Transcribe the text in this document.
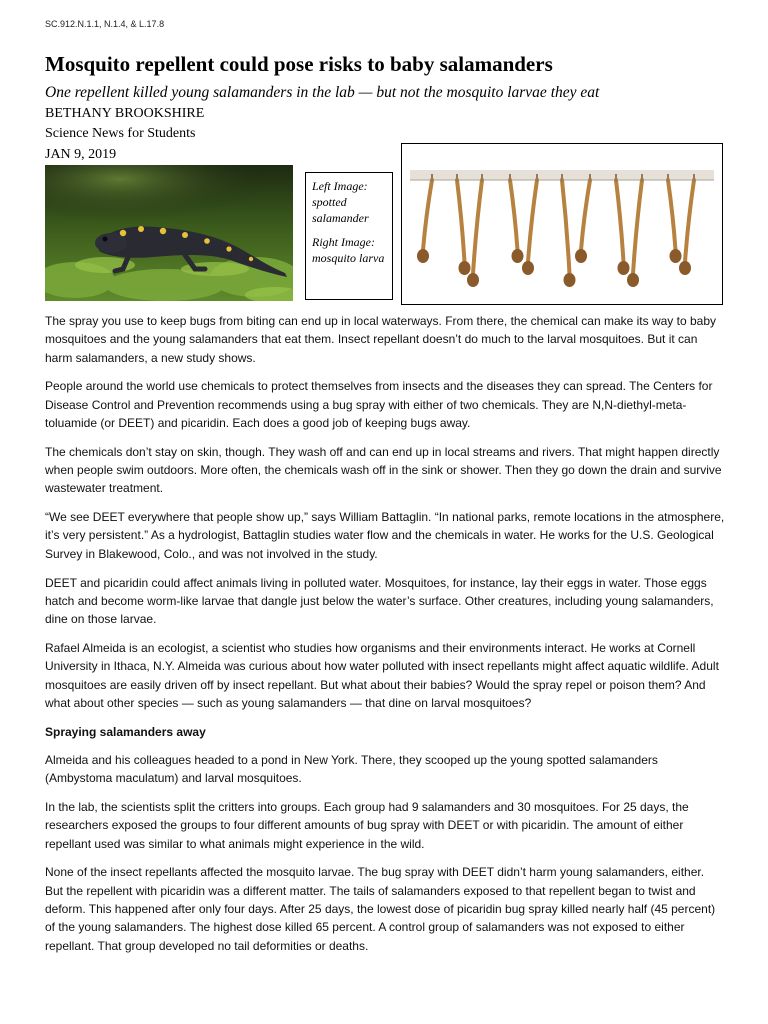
SC.912.N.1.1, N.1.4, & L.17.8
Mosquito repellent could pose risks to baby salamanders
One repellent killed young salamanders in the lab — but not the mosquito larvae they eat
BETHANY BROOKSHIRE
Science News for Students
JAN 9, 2019

Left Image: spotted salamander

Right Image: mosquito larva

The spray you use to keep bugs from biting can end up in local waterways. From there, the chemical can make its way to baby mosquitoes and the young salamanders that eat them. Insect repellant doesn’t do much to the larval mosquitoes. But it can harm salamanders, a new study shows.

People around the world use chemicals to protect themselves from insects and the diseases they can spread. The Centers for Disease Control and Prevention recommends using a bug spray with either of two chemicals. They are N,N-diethyl-meta-toluamide (or DEET) and picaridin. Each does a good job of keeping bugs away.

The chemicals don’t stay on skin, though. They wash off and can end up in local streams and rivers. That might happen directly when people swim outdoors. More often, the chemicals wash off in the sink or shower. Then they go down the drain and survive wastewater treatment.

“We see DEET everywhere that people show up,” says William Battaglin. “In national parks, remote locations in the atmosphere, it’s very persistent.” As a hydrologist, Battaglin studies water flow and the chemicals in water. He works for the U.S. Geological Survey in Blakewood, Colo., and was not involved in the study.

DEET and picaridin could affect animals living in polluted water. Mosquitoes, for instance, lay their eggs in water. Those eggs hatch and become worm-like larvae that dangle just below the water’s surface. Other creatures, including young salamanders, dine on those larvae.

Rafael Almeida is an ecologist, a scientist who studies how organisms and their environments interact. He works at Cornell University in Ithaca, N.Y. Almeida was curious about how water polluted with insect repellants might affect aquatic wildlife. Adult mosquitoes are easily driven off by insect repellant. But what about their babies? Would the spray repel or poison them? And what about other species — such as young salamanders — that dine on larval mosquitoes?

Spraying salamanders away

Almeida and his colleagues headed to a pond in New York. There, they scooped up the young spotted salamanders (Ambystoma maculatum) and larval mosquitoes.

In the lab, the scientists split the critters into groups. Each group had 9 salamanders and 30 mosquitoes. For 25 days, the researchers exposed the groups to four different amounts of bug spray with DEET or with picaridin. The amount of either repellant used was similar to what animals might experience in the wild.

None of the insect repellants affected the mosquito larvae. The bug spray with DEET didn’t harm young salamanders, either. But the repellent with picaridin was a different matter. The tails of salamanders exposed to that repellent began to twist and deform. This happened after only four days. After 25 days, the lowest dose of picaridin bug spray killed nearly half (45 percent) of the young salamanders. The highest dose killed 65 percent. A control group of salamanders was not exposed to either repellant. That group developed no tail deformities or deaths.
